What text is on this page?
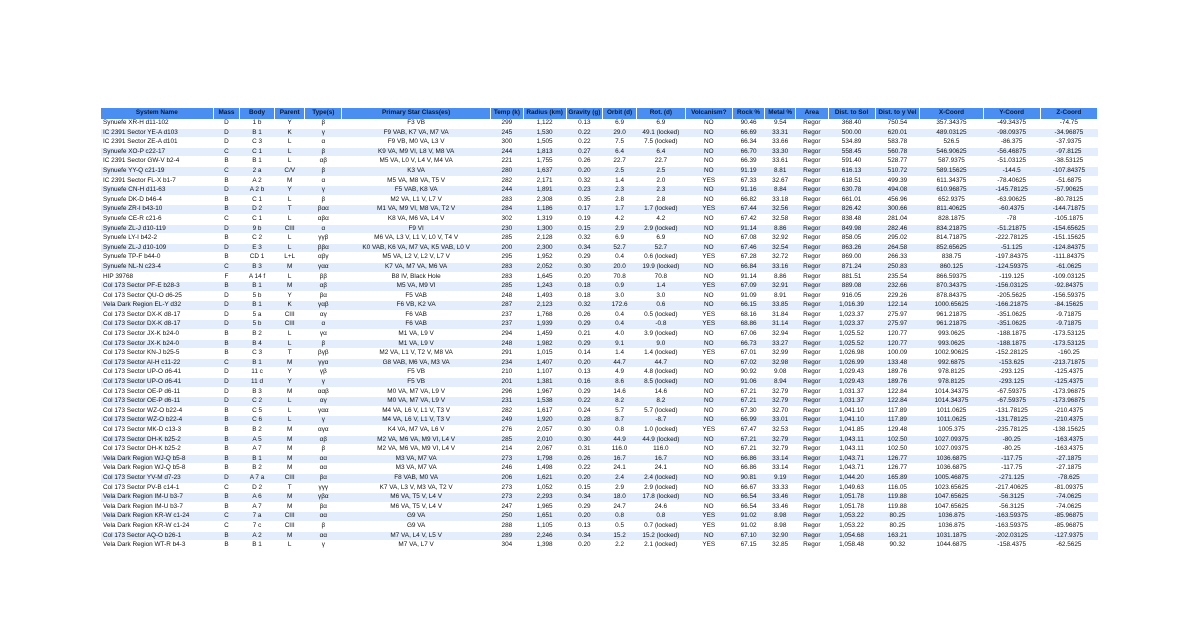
System Name	Mass	Body	Parent	Type(s)	Primary Star Class(es)	Temp (k)	Radius (km)	Gravity (g)	Orbit (d)	Rot. (d)	Volcanism?	Rock %	Metal %	Area	Dist. to Sol	Dist. to y Vel	X-Coord	Y-Coord	Z-Coord
Synuefe XR-H d11-102	D	1 b	Y	β	F3 VB	299	1,122	0.13	6.9	6.9	NO	90.46	9.54	Regor	368.40	750.54	357.34375	-49.34375	-74.75
IC 2391 Sector YE-A d103	D	B 1	K	γ	F9 VAB, K7 VA, M7 VA	245	1,530	0.22	29.0	49.1 (locked)	NO	66.69	33.31	Regor	500.00	620.01	489.03125	-98.09375	-34.96875
IC 2391 Sector ZE-A d101	D	C 3	L	α	F9 VB, M0 VA, L3 V	300	1,505	0.22	7.5	7.5 (locked)	NO	66.34	33.66	Regor	534.89	583.78	526.5	-86.375	-37.9375
Synuefe XO-P c22-17	C	C 1	L	β	K9 VA, M9 VI, L8 V, M8 VA	244	1,813	0.27	6.4	6.4	NO	66.70	33.30	Regor	558.45	560.78	546.90625	-56.46875	-97.8125
IC 2391 Sector GW-V b2-4	B	B 1	L	αβ	M5 VA, L0 V, L4 V, M4 VA	221	1,755	0.26	22.7	22.7	NO	66.39	33.61	Regor	591.40	528.77	587.9375	-51.03125	-38.53125
Synuefe YY-Q c21-19	C	2 a	C/V	β	K3 VA	280	1,637	0.20	2.5	2.5	NO	91.19	8.81	Regor	616.13	510.72	589.15625	-144.5	-107.84375
IC 2391 Sector FL-X b1-7	B	A 2	M	α	M5 VA, M8 VA, T5 V	282	2,171	0.32	1.4	2.0	YES	67.33	32.67	Regor	618.51	499.39	611.34375	-78.40625	-51.6875
Synuefe CN-H d11-63	D	A 2 b	Y	γ	F5 VAB, K8 VA	244	1,891	0.23	2.3	2.3	NO	91.16	8.84	Regor	630.78	494.08	610.96875	-145.78125	-57.90625
Synuefe DK-D b46-4	B	C 1	L	β	M2 VA, L1 V, L7 V	283	2,308	0.35	2.8	2.8	NO	66.82	33.18	Regor	661.01	456.96	652.9375	-63.90625	-80.78125
Synuefe ZR-I b43-10	B	D 2	T	βαα	M1 VA, M9 VI, M8 VA, T2 V	284	1,186	0.17	1.7	1.7 (locked)	YES	67.44	32.56	Regor	826.42	300.66	811.40625	-60.4375	-144.71875
Synuefe CE-R c21-6	C	C 1	L	αβα	K8 VA, M6 VA, L4 V	302	1,319	0.19	4.2	4.2	NO	67.42	32.58	Regor	838.48	281.04	828.1875	-78	-105.1875
Synuefe ZL-J d10-119	D	9 b	CIII	α	F9 VI	230	1,300	0.15	2.9	2.9 (locked)	NO	91.14	8.86	Regor	849.98	282.46	834.21875	-51.21875	-154.65625
Synuefe LY-I b42-2	B	C 2	L	γγβ	M6 VA, L3 V, L1 V, L0 V, T4 V	285	2,128	0.32	6.9	6.9	NO	67.08	32.92	Regor	858.05	295.02	814.71875	-222.78125	-151.15625
Synuefe ZL-J d10-109	D	E 3	L	ββα	K0 VAB, K6 VA, M7 VA, K5 VAB, L0 V	200	2,300	0.34	52.7	52.7	NO	67.46	32.54	Regor	863.26	264.58	852.65625	-51.125	-124.84375
Synuefe TP-F b44-0	B	CD 1	L+L	αβγ	M5 VA, L2 V, L2 V, L7 V	295	1,952	0.29	0.4	0.6 (locked)	YES	67.28	32.72	Regor	869.00	266.33	838.75	-197.84375	-111.84375
Synuefe NL-N c23-4	C	B 3	M	γαα	K7 VA, M7 VA, M6 VA	283	2,052	0.30	20.0	19.9 (locked)	NO	66.84	33.16	Regor	871.24	250.83	860.125	-124.59375	-61.0625
HIP 39768	F	A 14 f	L	ββ	B8 IV, Black Hole	283	1,645	0.20	70.8	70.8	NO	91.14	8.86	Regor	881.51	235.54	866.59375	-119.125	-109.03125
Col 173 Sector PF-E b28-3	B	B 1	M	αβ	M5 VA, M9 VI	285	1,243	0.18	0.9	1.4	YES	67.09	32.91	Regor	889.08	232.66	870.34375	-156.03125	-92.84375
Col 173 Sector QU-O d6-25	D	5 b	Y	βα	F5 VAB	248	1,493	0.18	3.0	3.0	NO	91.09	8.91	Regor	916.05	229.26	878.84375	-205.5625	-156.59375
Vela Dark Region EL-Y d32	D	B 1	K	γαβ	F6 VB, K2 VA	287	2,123	0.32	172.6	0.6	NO	66.15	33.85	Regor	1,016.39	122.14	1000.65625	-166.21875	-84.15625
Col 173 Sector DX-K d8-17	D	5 a	CIII	αγ	F6 VAB	237	1,768	0.26	0.4	0.5 (locked)	YES	68.16	31.84	Regor	1,023.37	275.97	961.21875	-351.0625	-9.71875
Col 173 Sector DX-K d8-17	D	5 b	CIII	α	F6 VAB	237	1,939	0.29	0.4	-0.8	YES	68.86	31.14	Regor	1,023.37	275.97	961.21875	-351.0625	-9.71875
Col 173 Sector JX-K b24-0	B	B 2	L	γα	M1 VA, L9 V	294	1,459	0.21	4.0	3.9 (locked)	NO	67.06	32.94	Regor	1,025.52	120.77	993.0625	-188.1875	-173.53125
Col 173 Sector JX-K b24-0	B	B 4	L	β	M1 VA, L9 V	248	1,982	0.29	9.1	9.0	NO	66.73	33.27	Regor	1,025.52	120.77	993.0625	-188.1875	-173.53125
Col 173 Sector KN-J b25-5	B	C 3	T	βγβ	M2 VA, L1 V, T2 V, M8 VA	291	1,015	0.14	1.4	1.4 (locked)	YES	67.01	32.99	Regor	1,026.98	100.09	1002.90625	-152.28125	-160.25
Col 173 Sector AI-H c11-22	C	B 1	M	γγα	G8 VAB, M6 VA, M3 VA	234	1,407	0.20	44.7	44.7	NO	67.02	32.98	Regor	1,026.99	133.48	992.6875	-153.625	-213.71875
Col 173 Sector UP-O d6-41	D	11 c	Y	γβ	F5 VB	210	1,107	0.13	4.9	4.8 (locked)	NO	90.92	9.08	Regor	1,029.43	189.76	978.8125	-293.125	-125.4375
Col 173 Sector UP-O d6-41	D	11 d	Y	γ	F5 VB	201	1,381	0.16	8.6	8.5 (locked)	NO	91.06	8.94	Regor	1,029.43	189.76	978.8125	-293.125	-125.4375
Col 173 Sector OE-P d6-11	D	B 3	M	ααβ	M0 VA, M7 VA, L9 V	296	1,967	0.29	14.6	14.6	NO	67.21	32.79	Regor	1,031.37	122.84	1014.34375	-67.59375	-173.96875
Col 173 Sector OE-P d6-11	D	C 2	L	αγ	M0 VA, M7 VA, L9 V	231	1,538	0.22	8.2	8.2	NO	67.21	32.79	Regor	1,031.37	122.84	1014.34375	-67.59375	-173.96875
Col 173 Sector WZ-O b22-4	B	C 5	L	γαα	M4 VA, L6 V, L1 V, T3 V	282	1,617	0.24	5.7	5.7 (locked)	NO	67.30	32.70	Regor	1,041.10	117.89	1011.0625	-131.78125	-210.4375
Col 173 Sector WZ-O b22-4	B	C 6	L	γ	M4 VA, L6 V, L1 V, T3 V	249	1,920	0.28	8.7	-8.7	NO	66.99	33.01	Regor	1,041.10	117.89	1011.0625	-131.78125	-210.4375
Col 173 Sector MK-D c13-3	B	B 2	M	αγα	K4 VA, M7 VA, L6 V	276	2,057	0.30	0.8	1.0 (locked)	YES	67.47	32.53	Regor	1,041.85	129.48	1005.375	-235.78125	-138.15625
Col 173 Sector DH-K b25-2	B	A 5	M	αβ	M2 VA, M6 VA, M9 VI, L4 V	285	2,010	0.30	44.9	44.9 (locked)	NO	67.21	32.79	Regor	1,043.11	102.50	1027.09375	-80.25	-163.4375
Col 173 Sector DH-K b25-2	B	A 7	M	β	M2 VA, M6 VA, M9 VI, L4 V	214	2,067	0.31	116.0	116.0	NO	67.21	32.79	Regor	1,043.11	102.50	1027.09375	-80.25	-163.4375
Vela Dark Region WJ-Q b5-8	B	B 1	M	αα	M3 VA, M7 VA	273	1,798	0.26	16.7	16.7	NO	66.86	33.14	Regor	1,043.71	126.77	1036.6875	-117.75	-27.1875
Vela Dark Region WJ-Q b5-8	B	B 2	M	αα	M3 VA, M7 VA	246	1,498	0.22	24.1	24.1	NO	66.86	33.14	Regor	1,043.71	126.77	1036.6875	-117.75	-27.1875
Col 173 Sector YV-M d7-23	D	A 7 a	CIII	βα	F8 VAB, M0 VA	206	1,621	0.20	2.4	2.4 (locked)	NO	90.81	9.19	Regor	1,044.20	165.89	1005.46875	-271.125	-78.625
Col 173 Sector PV-B c14-1	C	D 2	T	γγγ	K7 VA, L3 V, M3 VA, T2 V	273	1,052	0.15	2.9	2.9 (locked)	NO	66.67	33.33	Regor	1,049.63	116.05	1023.65625	-217.40625	-81.09375
Vela Dark Region IM-U b3-7	B	A 6	M	γβα	M6 VA, T5 V, L4 V	273	2,293	0.34	18.0	17.8 (locked)	NO	66.54	33.46	Regor	1,051.78	119.88	1047.65625	-56.3125	-74.0625
Vela Dark Region IM-U b3-7	B	A 7	M	βα	M6 VA, T5 V, L4 V	247	1,965	0.29	24.7	24.6	NO	66.54	33.46	Regor	1,051.78	119.88	1047.65625	-56.3125	-74.0625
Vela Dark Region KR-W c1-24	C	7 a	CIII	αα	G9 VA	250	1,651	0.20	0.8	0.8	YES	91.02	8.98	Regor	1,053.22	80.25	1036.875	-163.59375	-85.96875
Vela Dark Region KR-W c1-24	C	7 c	CIII	β	G9 VA	288	1,105	0.13	0.5	0.7 (locked)	YES	91.02	8.98	Regor	1,053.22	80.25	1036.875	-163.59375	-85.96875
Col 173 Sector AQ-O b26-1	B	A 2	M	αα	M7 VA, L4 V, L5 V	289	2,246	0.34	15.2	15.2 (locked)	NO	67.10	32.90	Regor	1,054.68	163.21	1031.1875	-202.03125	-127.9375
Vela Dark Region WT-R b4-3	B	B 1	L	γ	M7 VA, L7 V	304	1,398	0.20	2.2	2.1 (locked)	YES	67.15	32.85	Regor	1,058.48	90.32	1044.6875	-158.4375	-62.5625
